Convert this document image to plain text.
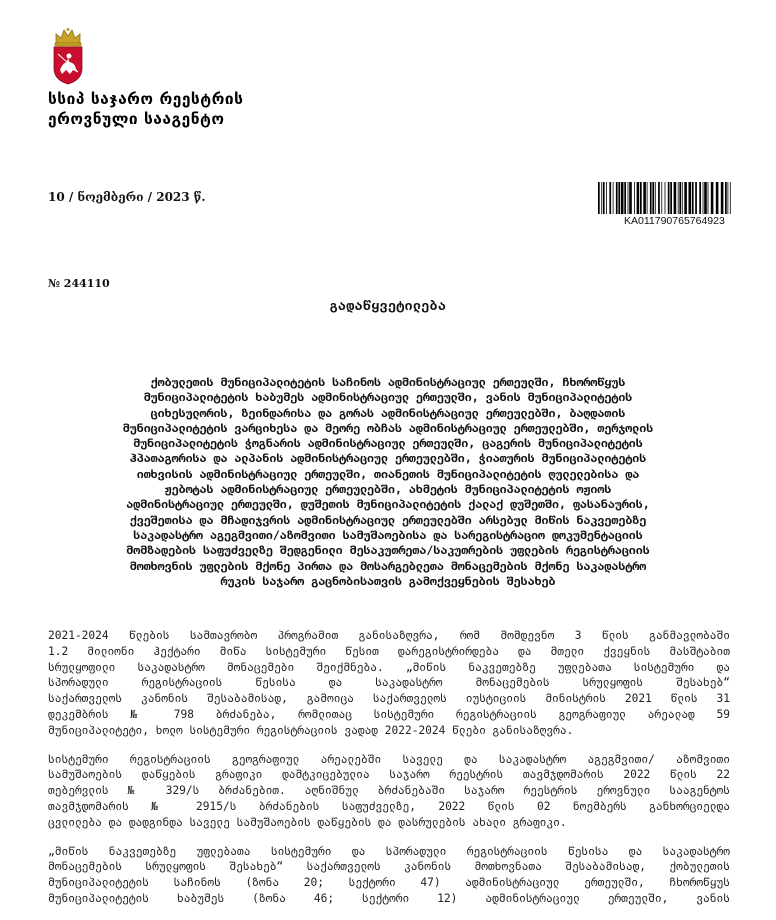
სსიპ საჯარო რეესტრის
ეროვნული სააგენტო
10 / ნოემბერი / 2023 წ.
KA011790765764923
№ 244110
გადაწყვეტილება
ქობულეთის მუნიციპალიტეტის საჩინოს ადმინისტრაციულ ერთეულში, ჩხოროწყუს
მუნიციპალიტეტის ხაბუმეს ადმინისტრაციულ ერთეულში, ვანის მუნიციპალიტეტის
ციხესულორის, ზეინდარისა და გორას ადმინისტრაციულ ერთეულებში, ბაღდათის
მუნიციპალიტეტის ვარციხესა და მეორე ობჩას ადმინისტრაციულ ერთეულებში, თერჯოლის
მუნიციპალიტეტის ჭოგნარის ადმინისტრაციულ ერთეულში, ცაგერის მუნიციპალიტეტის
ჰპათაგორისა და ალპანის ადმინისტრაციულ ერთეულებში, ჭიათურის მუნიციპალიტეტის
ითხვისის ადმინისტრაციულ ერთეულში, თიანეთის მუნიციპალიტეტის ღულელებისა და
ჟებოტას ადმინისტრაციულ ერთეულებში, ახმეტის მუნიციპალიტეტის ოჟიოს
ადმინისტრაციულ ერთეულში, დუშეთის მუნიციპალიტეტის ქალაქ დუშეთში, ფასანაურის,
ქვეშეთისა და მჩადიჯვრის ადმინისტრაციულ ერთეულებში არსებულ მიწის ნაკვეთებზე
საკადასტრო აგეგმვითი/აზომვითი სამუშაოებისა და სარეგისტრაციო დოკუმენტაციის
მომზადების საფუძველზე შედგენილი მესაკუთრეთა/საკუთრების უფლების რეგისტრაციის
მოთხოვნის უფლების მქონე პირთა და მოსარგებლეთა მონაცემების მქონე საკადასტრო
რუკის საჯარო გაცნობისათვის გამოქვეყნების შესახებ
2021-2024 წლების სამთავრობო პროგრამით განისაზღვრა, რომ მომდევნო 3 წლის განმავლობაში
1.2 მილიონი ჰექტარი მიწა სისტემური წესით დარეგისტრირდება და მთელი ქვეყნის მასშტაბით
სრულყოფილი საკადასტრო მონაცემები შეიქმნება. „მიწის ნაკვეთებზე უფლებათა სისტემური და
სპორადული რეგისტრაციის წესისა და საკადასტრო მონაცემების სრულყოფის შესახებ“
საქართველოს კანონის შესაბამისად, გამოიცა საქართველოს იუსტიციის მინისტრის 2021 წლის 31
დეკემბრის № 798 ბრძანება, რომლითაც სისტემური რეგისტრაციის გეოგრაფიულ არეალად 59
მუნიციპალიტეტი, ხოლო სისტემური რეგისტრაციის ვადად 2022-2024 წლები განისაზღვრა.
სისტემური რეგისტრაციის გეოგრაფიულ არეალებში საველე და საკადასტრო აგეგმვითი/ აზომვითი
სამუშაოების დაწყების გრაფიკი დამტკიცებულია საჯარო რეესტრის თავმჯდომარის 2022 წლის 22
თებერვლის № 329/ს ბრძანებით. აღნიშნულ ბრძანებაში საჯარო რეესტრის ეროვნული სააგენტოს
თავმჯდომარის № 2915/ს ბრძანების საფუძველზე, 2022 წლის 02 ნოემბერს განხორციელდა
ცვლილება და დადგინდა საველე სამუშაოების დაწყების და დასრულების ახალი გრაფიკი.
„მიწის ნაკვეთებზე უფლებათა სისტემური და სპორადული რეგისტრაციის წესისა და საკადასტრო
მონაცემების სრულყოფის შესახებ“ საქართველოს კანონის მოთხოვნათა შესაბამისად, ქობულეთის
მუნიციპალიტეტის საჩინოს (ზონა 20; სექტორი 47) ადმინისტრაციულ ერთეულში, ჩხოროწყუს
მუნიციპალიტეტის ხაბუმეს (ზონა 46; სექტორი 12) ადმინისტრაციულ ერთეულში, ვანის
